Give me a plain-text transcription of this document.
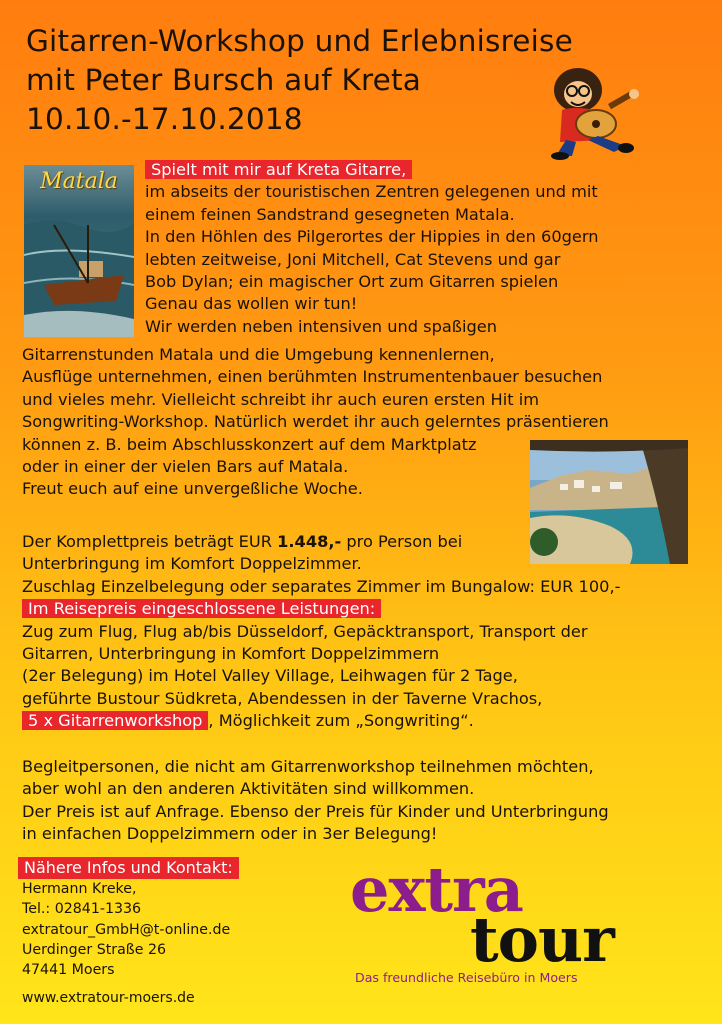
Gitarren-Workshop und Erlebnisreise
mit Peter Bursch auf Kreta
10.10.-17.10.2018
Matala	Spielt mit mir auf Kreta Gitarre,
im abseits der touristischen Zentren gelegenen und mit
einem feinen Sandstrand gesegneten Matala.
In den Höhlen des Pilgerortes der Hippies in den 60gern
lebten zeitweise, Joni Mitchell, Cat Stevens und gar
Bob Dylan; ein magischer Ort zum Gitarren spielen
Genau das wollen wir tun!
Wir werden neben intensiven und spaßigen
Gitarrenstunden Matala und die Umgebung kennenlernen,
Ausflüge unternehmen, einen berühmten Instrumentenbauer besuchen
und vieles mehr. Vielleicht schreibt ihr auch euren ersten Hit im
Songwriting-Workshop. Natürlich werdet ihr auch gelerntes präsentieren
können z. B. beim Abschlusskonzert auf dem Marktplatz
oder in einer der vielen Bars auf Matala.
Freut euch auf eine unvergeßliche Woche.
Der Komplettpreis beträgt EUR 1.448,- pro Person bei
Unterbringung im Komfort Doppelzimmer.
Zuschlag Einzelbelegung oder separates Zimmer im Bungalow: EUR 100,-
Im Reisepreis eingeschlossene Leistungen:
Zug zum Flug, Flug ab/bis Düsseldorf, Gepäcktransport, Transport der
Gitarren, Unterbringung in Komfort Doppelzimmern
(2er Belegung) im Hotel Valley Village, Leihwagen für 2 Tage,
geführte Bustour Südkreta, Abendessen in der Taverne Vrachos,
5 x Gitarrenworkshop , Möglichkeit zum „Songwriting“.
Begleitpersonen, die nicht am Gitarrenworkshop teilnehmen möchten,
aber wohl an den anderen Aktivitäten sind willkommen.
Der Preis ist auf Anfrage. Ebenso der Preis für Kinder und Unterbringung
in einfachen Doppelzimmern oder in 3er Belegung!
Nähere Infos und Kontakt:
Hermann Kreke,
Tel.: 02841-1336
extratour_GmbH@t-online.de
Uerdinger Straße 26
47441 Moers
www.extratour-moers.de
extra
tour
Das freundliche Reisebüro in Moers
